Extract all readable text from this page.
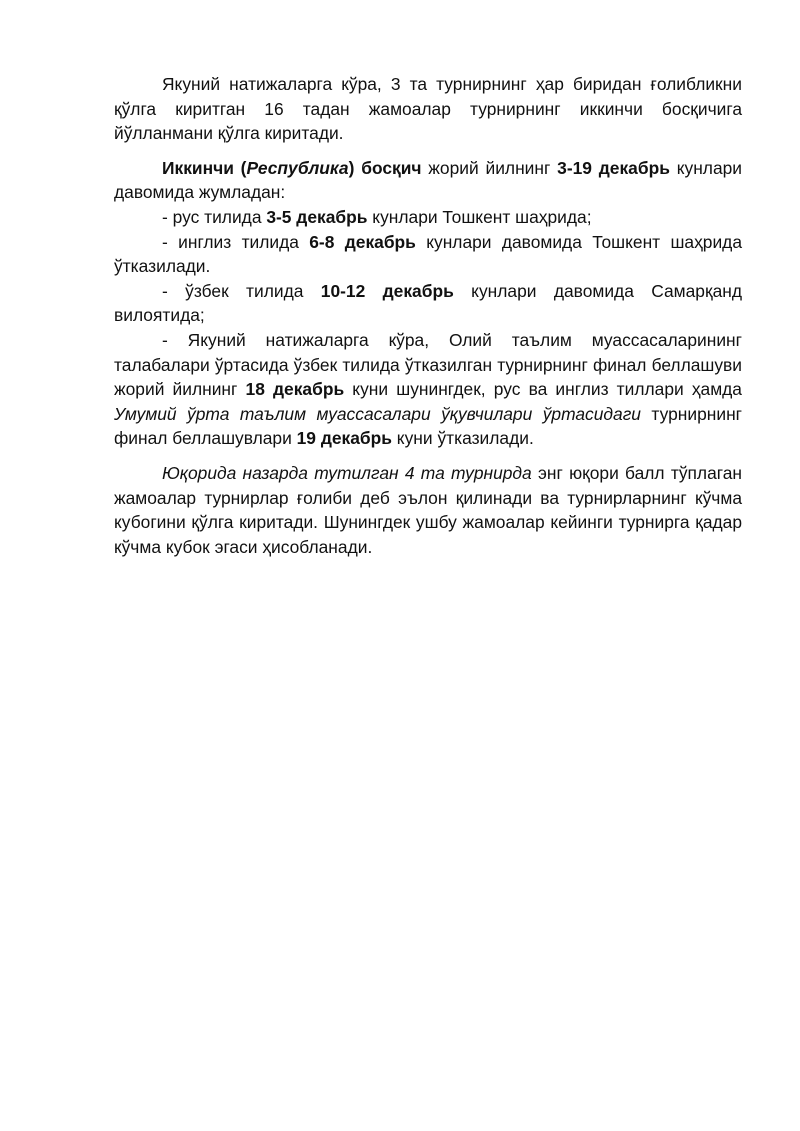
Якуний натижаларга кўра, 3 та турнирнинг ҳар биридан ғолибликни қўлга киритган 16 тадан жамоалар турнирнинг иккинчи босқичига йўлланмани қўлга киритади.

Иккинчи (Республика) босқич жорий йилнинг 3-19 декабрь кунлари давомида жумладан:

- рус тилида 3-5 декабрь кунлари Тошкент шаҳрида;

- инглиз тилида 6-8 декабрь кунлари давомида Тошкент шаҳрида ўтказилади.

- ўзбек тилида 10-12 декабрь кунлари давомида Самарқанд вилоятида;

- Якуний натижаларга кўра, Олий таълим муассасаларининг талабалари ўртасида ўзбек тилида ўтказилган турнирнинг финал беллашуви жорий йилнинг 18 декабрь куни шунингдек, рус ва инглиз тиллари ҳамда Умумий ўрта таълим муассасалари ўқувчилари ўртасидаги турнирнинг финал беллашувлари 19 декабрь куни ўтказилади.

Юқорида назарда тутилган 4 та турнирда энг юқори балл тўплаган жамоалар турнирлар ғолиби деб эълон қилинади ва турнирларнинг кўчма кубогини қўлга киритади. Шунингдек ушбу жамоалар кейинги турнирга қадар кўчма кубок эгаси ҳисобланади.
